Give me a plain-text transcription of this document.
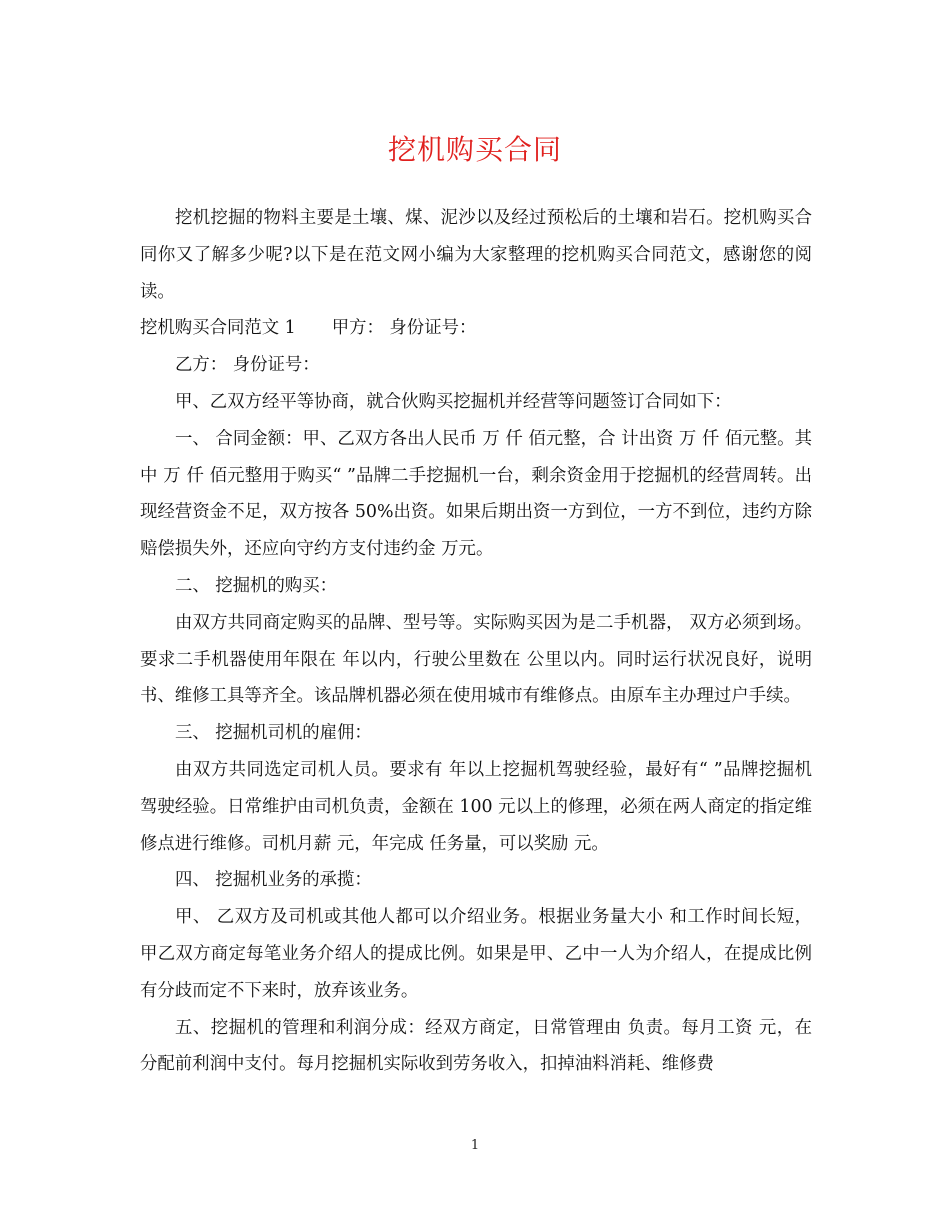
挖机购买合同

挖机挖掘的物料主要是土壤、煤、泥沙以及经过预松后的土壤和岩石。挖机购买合同你又了解多少呢?以下是在范文网小编为大家整理的挖机购买合同范文，感谢您的阅读。

挖机购买合同范文 1 甲方： 身份证号：

乙方： 身份证号：

甲、乙双方经平等协商，就合伙购买挖掘机并经营等问题签订合同如下：

一、 合同金额：甲、乙双方各出人民币 万 仟 佰元整，合 计出资 万 仟 佰元整。其中 万 仟 佰元整用于购买“ ”品牌二手挖掘机一台，剩余资金用于挖掘机的经营周转。出现经营资金不足，双方按各 50%出资。如果后期出资一方到位，一方不到位，违约方除赔偿损失外，还应向守约方支付违约金 万元。

二、 挖掘机的购买：

由双方共同商定购买的品牌、型号等。实际购买因为是二手机器， 双方必须到场。要求二手机器使用年限在 年以内，行驶公里数在 公里以内。同时运行状况良好，说明书、维修工具等齐全。该品牌机器必须在使用城市有维修点。由原车主办理过户手续。

三、 挖掘机司机的雇佣：

由双方共同选定司机人员。要求有 年以上挖掘机驾驶经验，最好有“ ”品牌挖掘机驾驶经验。日常维护由司机负责，金额在 100 元以上的修理，必须在两人商定的指定维修点进行维修。司机月薪 元，年完成 任务量，可以奖励 元。

四、 挖掘机业务的承揽：

甲、 乙双方及司机或其他人都可以介绍业务。根据业务量大小 和工作时间长短，甲乙双方商定每笔业务介绍人的提成比例。如果是甲、乙中一人为介绍人，在提成比例有分歧而定不下来时，放弃该业务。

五、挖掘机的管理和利润分成：经双方商定，日常管理由 负责。每月工资 元，在分配前利润中支付。每月挖掘机实际收到劳务收入，扣掉油料消耗、维修费

1
